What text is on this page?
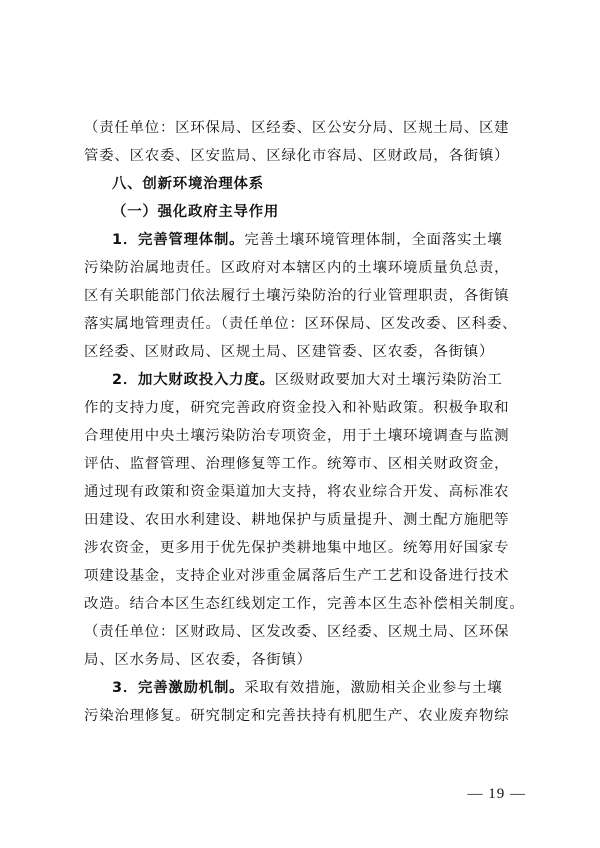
（责任单位：区环保局、区经委、区公安分局、区规土局、区建
管委、区农委、区安监局、区绿化市容局、区财政局，各街镇）
八、创新环境治理体系
（一）强化政府主导作用
1．完善管理体制。完善土壤环境管理体制，全面落实土壤
污染防治属地责任。区政府对本辖区内的土壤环境质量负总责，
区有关职能部门依法履行土壤污染防治的行业管理职责，各街镇
落实属地管理责任。（责任单位：区环保局、区发改委、区科委、
区经委、区财政局、区规土局、区建管委、区农委，各街镇）
2．加大财政投入力度。区级财政要加大对土壤污染防治工
作的支持力度，研究完善政府资金投入和补贴政策。积极争取和
合理使用中央土壤污染防治专项资金，用于土壤环境调查与监测
评估、监督管理、治理修复等工作。统筹市、区相关财政资金，
通过现有政策和资金渠道加大支持，将农业综合开发、高标准农
田建设、农田水利建设、耕地保护与质量提升、测土配方施肥等
涉农资金，更多用于优先保护类耕地集中地区。统筹用好国家专
项建设基金，支持企业对涉重金属落后生产工艺和设备进行技术
改造。结合本区生态红线划定工作，完善本区生态补偿相关制度。
（责任单位：区财政局、区发改委、区经委、区规土局、区环保
局、区水务局、区农委，各街镇）
3．完善激励机制。采取有效措施，激励相关企业参与土壤
污染治理修复。研究制定和完善扶持有机肥生产、农业废弃物综
— 19 —
